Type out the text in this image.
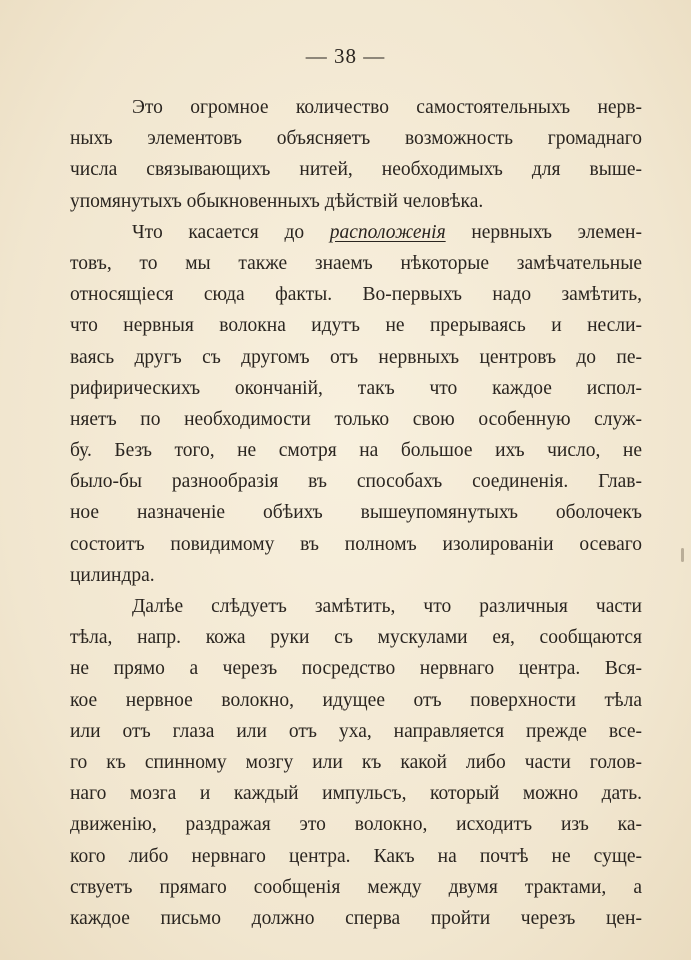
— 38 —
Это огромное количество самостоятельныхъ нерв-
ныхъ элементовъ объясняетъ возможность громаднаго
числа связывающихъ нитей, необходимыхъ для выше-
упомянутыхъ обыкновенныхъ дѣйствій человѣка.
Что касается до расположенія нервныхъ элемен-
товъ, то мы также знаемъ нѣкоторые замѣчательные
относящіеся сюда факты. Во-первыхъ надо замѣтить,
что нервныя волокна идутъ не прерываясь и несли-
ваясь другъ съ другомъ отъ нервныхъ центровъ до пе-
рифирическихъ окончаній, такъ что каждое испол-
няетъ по необходимости только свою особенную служ-
бу. Безъ того, не смотря на большое ихъ число, не
было-бы разнообразія въ способахъ соединенія. Глав-
ное назначеніе обѣихъ вышеупомянутыхъ оболочекъ
состоитъ повидимому въ полномъ изолированіи осеваго
цилиндра.
Далѣе слѣдуетъ замѣтить, что различныя части
тѣла, напр. кожа руки съ мускулами ея, сообщаются
не прямо а черезъ посредство нервнаго центра. Вся-
кое нервное волокно, идущее отъ поверхности тѣла
или отъ глаза или отъ уха, направляется прежде все-
го къ спинному мозгу или къ какой либо части голов-
наго мозга и каждый импульсъ, который можно дать.
движенію, раздражая это волокно, исходитъ изъ ка-
кого либо нервнаго центра. Какъ на почтѣ не суще-
ствуетъ прямаго сообщенія между двумя трактами, а
каждое письмо должно сперва пройти черезъ цен-
